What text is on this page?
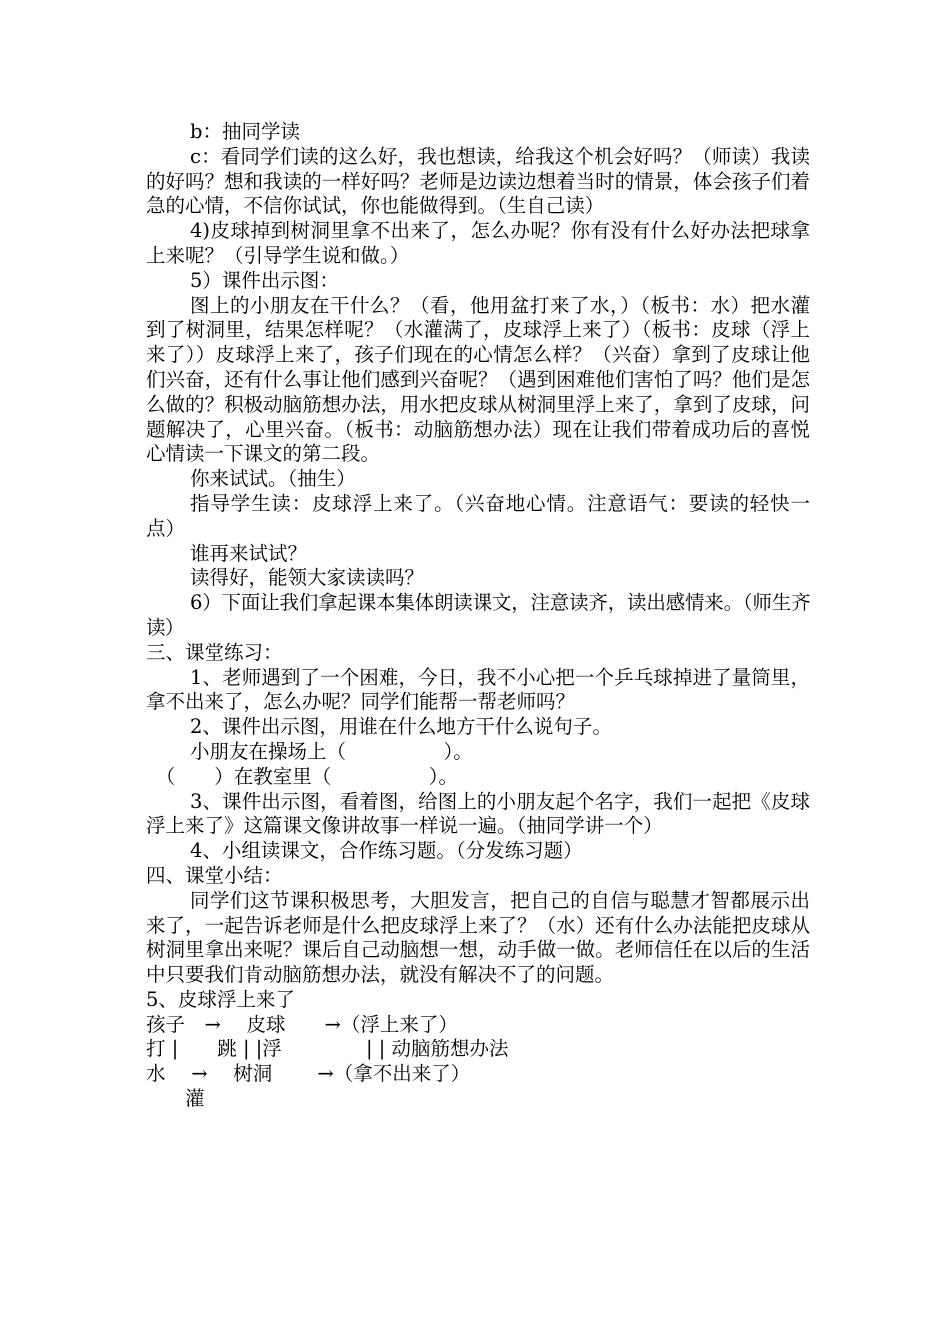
b：抽同学读

c：看同学们读的这么好，我也想读，给我这个机会好吗？（师读）我读的好吗？想和我读的一样好吗？老师是边读边想着当时的情景，体会孩子们着急的心情，不信你试试，你也能做得到。（生自己读）

4)皮球掉到树洞里拿不出来了，怎么办呢？你有没有什么好办法把球拿上来呢？（引导学生说和做。）

5）课件出示图：

图上的小朋友在干什么？（看，他用盆打来了水，）（板书：水）把水灌到了树洞里，结果怎样呢？（水灌满了，皮球浮上来了）（板书：皮球（浮上来了））皮球浮上来了，孩子们现在的心情怎么样？（兴奋）拿到了皮球让他们兴奋，还有什么事让他们感到兴奋呢？（遇到困难他们害怕了吗？他们是怎么做的？积极动脑筋想办法，用水把皮球从树洞里浮上来了，拿到了皮球，问题解决了，心里兴奋。（板书：动脑筋想办法）现在让我们带着成功后的喜悦心情读一下课文的第二段。

你来试试。（抽生）

指导学生读：皮球浮上来了。（兴奋地心情。注意语气：要读的轻快一点）

谁再来试试？

读得好，能领大家读读吗？

6）下面让我们拿起课本集体朗读课文，注意读齐，读出感情来。（师生齐读）

三、课堂练习：

1、老师遇到了一个困难，今日，我不小心把一个乒乓球掉进了量筒里，拿不出来了，怎么办呢？同学们能帮一帮老师吗？

2、课件出示图，用谁在什么地方干什么说句子。

小朋友在操场上（　　　　　）。

　（　　）在教室里（　　　　　）。

3、课件出示图，看着图，给图上的小朋友起个名字，我们一起把《皮球浮上来了》这篇课文像讲故事一样说一遍。（抽同学讲一个）

4、小组读课文，合作练习题。（分发练习题）

四、课堂小结：

同学们这节课积极思考，大胆发言，把自己的自信与聪慧才智都展示出来了，一起告诉老师是什么把皮球浮上来了？（水）还有什么办法能把皮球从树洞里拿出来呢？课后自己动脑想一想，动手做一做。老师信任在以后的生活中只要我们肯动脑筋想办法，就没有解决不了的问题。

5、皮球浮上来了

孩子　→　 皮球　　→（浮上来了）

打 |　　跳 | |浮　　　　 | | 动脑筋想办法

水　 →　 树洞　　 →（拿不出来了）

　　灌
